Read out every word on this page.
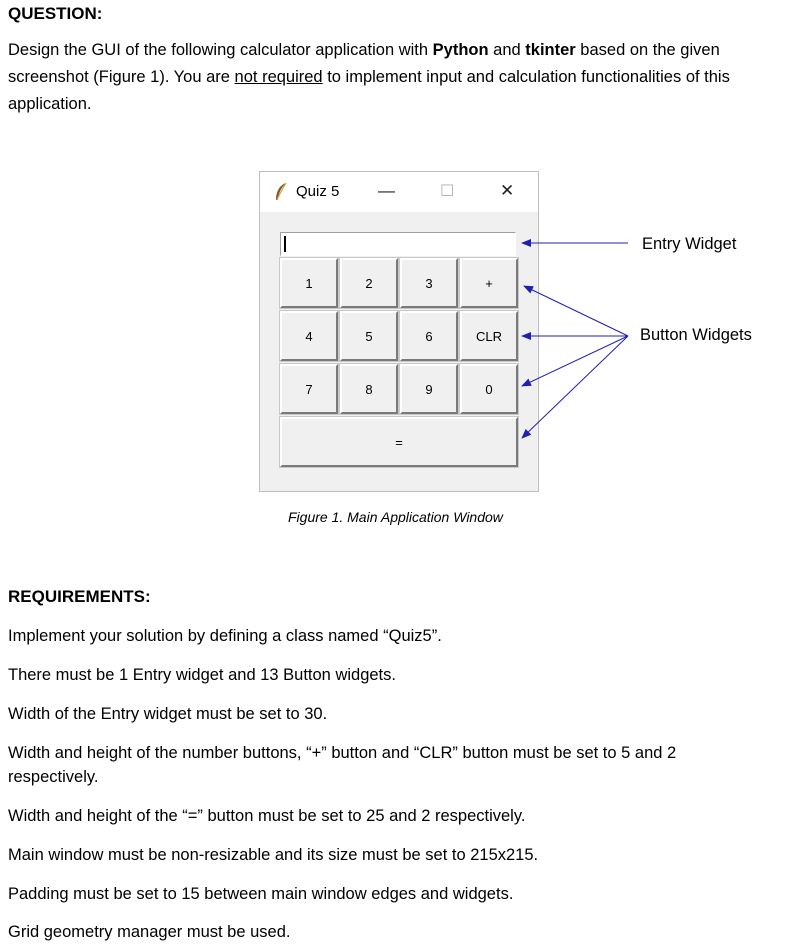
QUESTION:
Design the GUI of the following calculator application with Python and tkinter based on the given
screenshot (Figure 1). You are not required to implement input and calculation functionalities of this
application.
Quiz 5 —	☐	✕
1	2	3	+
4	5	6	CLR
7	8	9	0
=
Entry Widget
Button Widgets
Figure 1. Main Application Window
REQUIREMENTS:
Implement your solution by defining a class named “Quiz5”.
There must be 1 Entry widget and 13 Button widgets.
Width of the Entry widget must be set to 30.
Width and height of the number buttons, “+” button and “CLR” button must be set to 5 and 2
respectively.
Width and height of the “=” button must be set to 25 and 2 respectively.
Main window must be non-resizable and its size must be set to 215x215.
Padding must be set to 15 between main window edges and widgets.
Grid geometry manager must be used.
